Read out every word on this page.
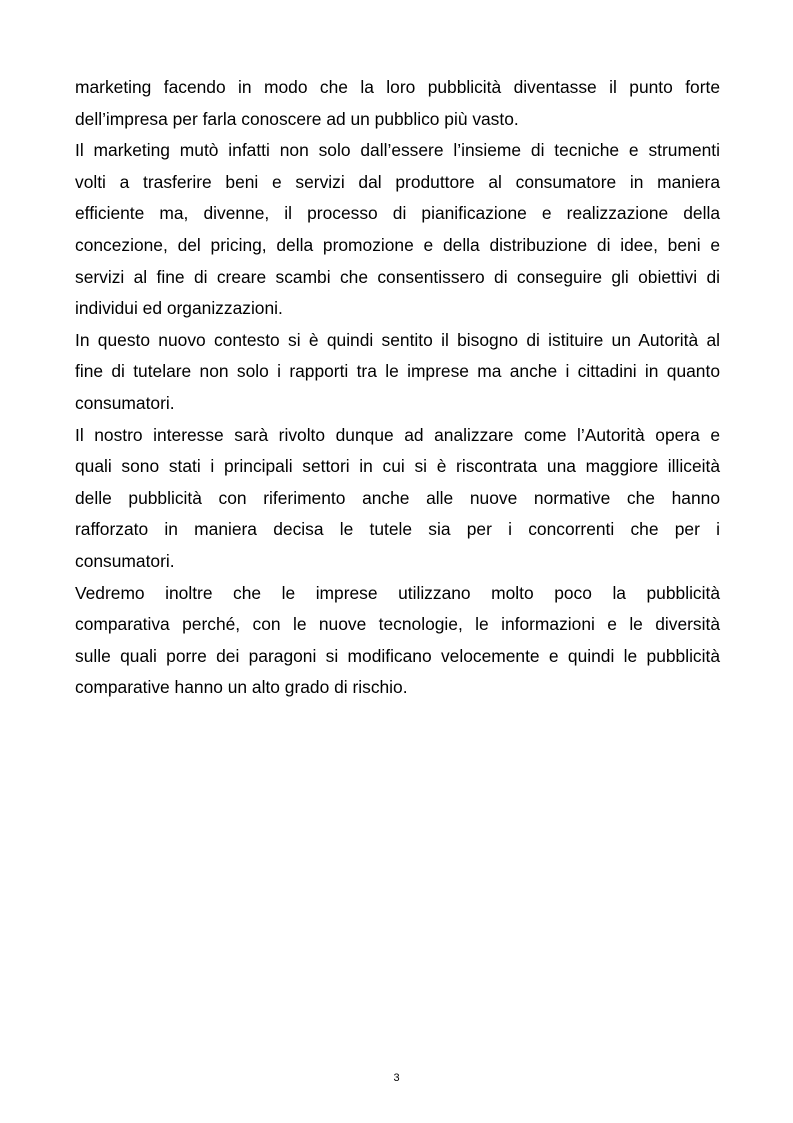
marketing facendo in modo che la loro pubblicità diventasse il punto forte
dell’impresa per farla conoscere ad un pubblico più vasto.
Il marketing mutò infatti non solo dall’essere l’insieme di tecniche e strumenti
volti a trasferire beni e servizi dal produttore al consumatore in maniera
efficiente ma, divenne, il processo di pianificazione e realizzazione della
concezione, del pricing, della promozione e della distribuzione di idee, beni e
servizi al fine di creare scambi che consentissero di conseguire gli obiettivi di
individui ed organizzazioni.
In questo nuovo contesto si è quindi sentito il bisogno di istituire un Autorità al
fine di tutelare non solo i rapporti tra le imprese ma anche i cittadini in quanto
consumatori.
Il nostro interesse sarà rivolto dunque ad analizzare come l’Autorità opera e
quali sono stati i principali settori in cui si è riscontrata una maggiore illiceità
delle pubblicità con riferimento anche alle nuove normative che hanno
rafforzato in maniera decisa le tutele sia per i concorrenti che per i
consumatori.
Vedremo inoltre che le imprese utilizzano molto poco la pubblicità
comparativa perché, con le nuove tecnologie, le informazioni e le diversità
sulle quali porre dei paragoni si modificano velocemente e quindi le pubblicità
comparative hanno un alto grado di rischio.
3
